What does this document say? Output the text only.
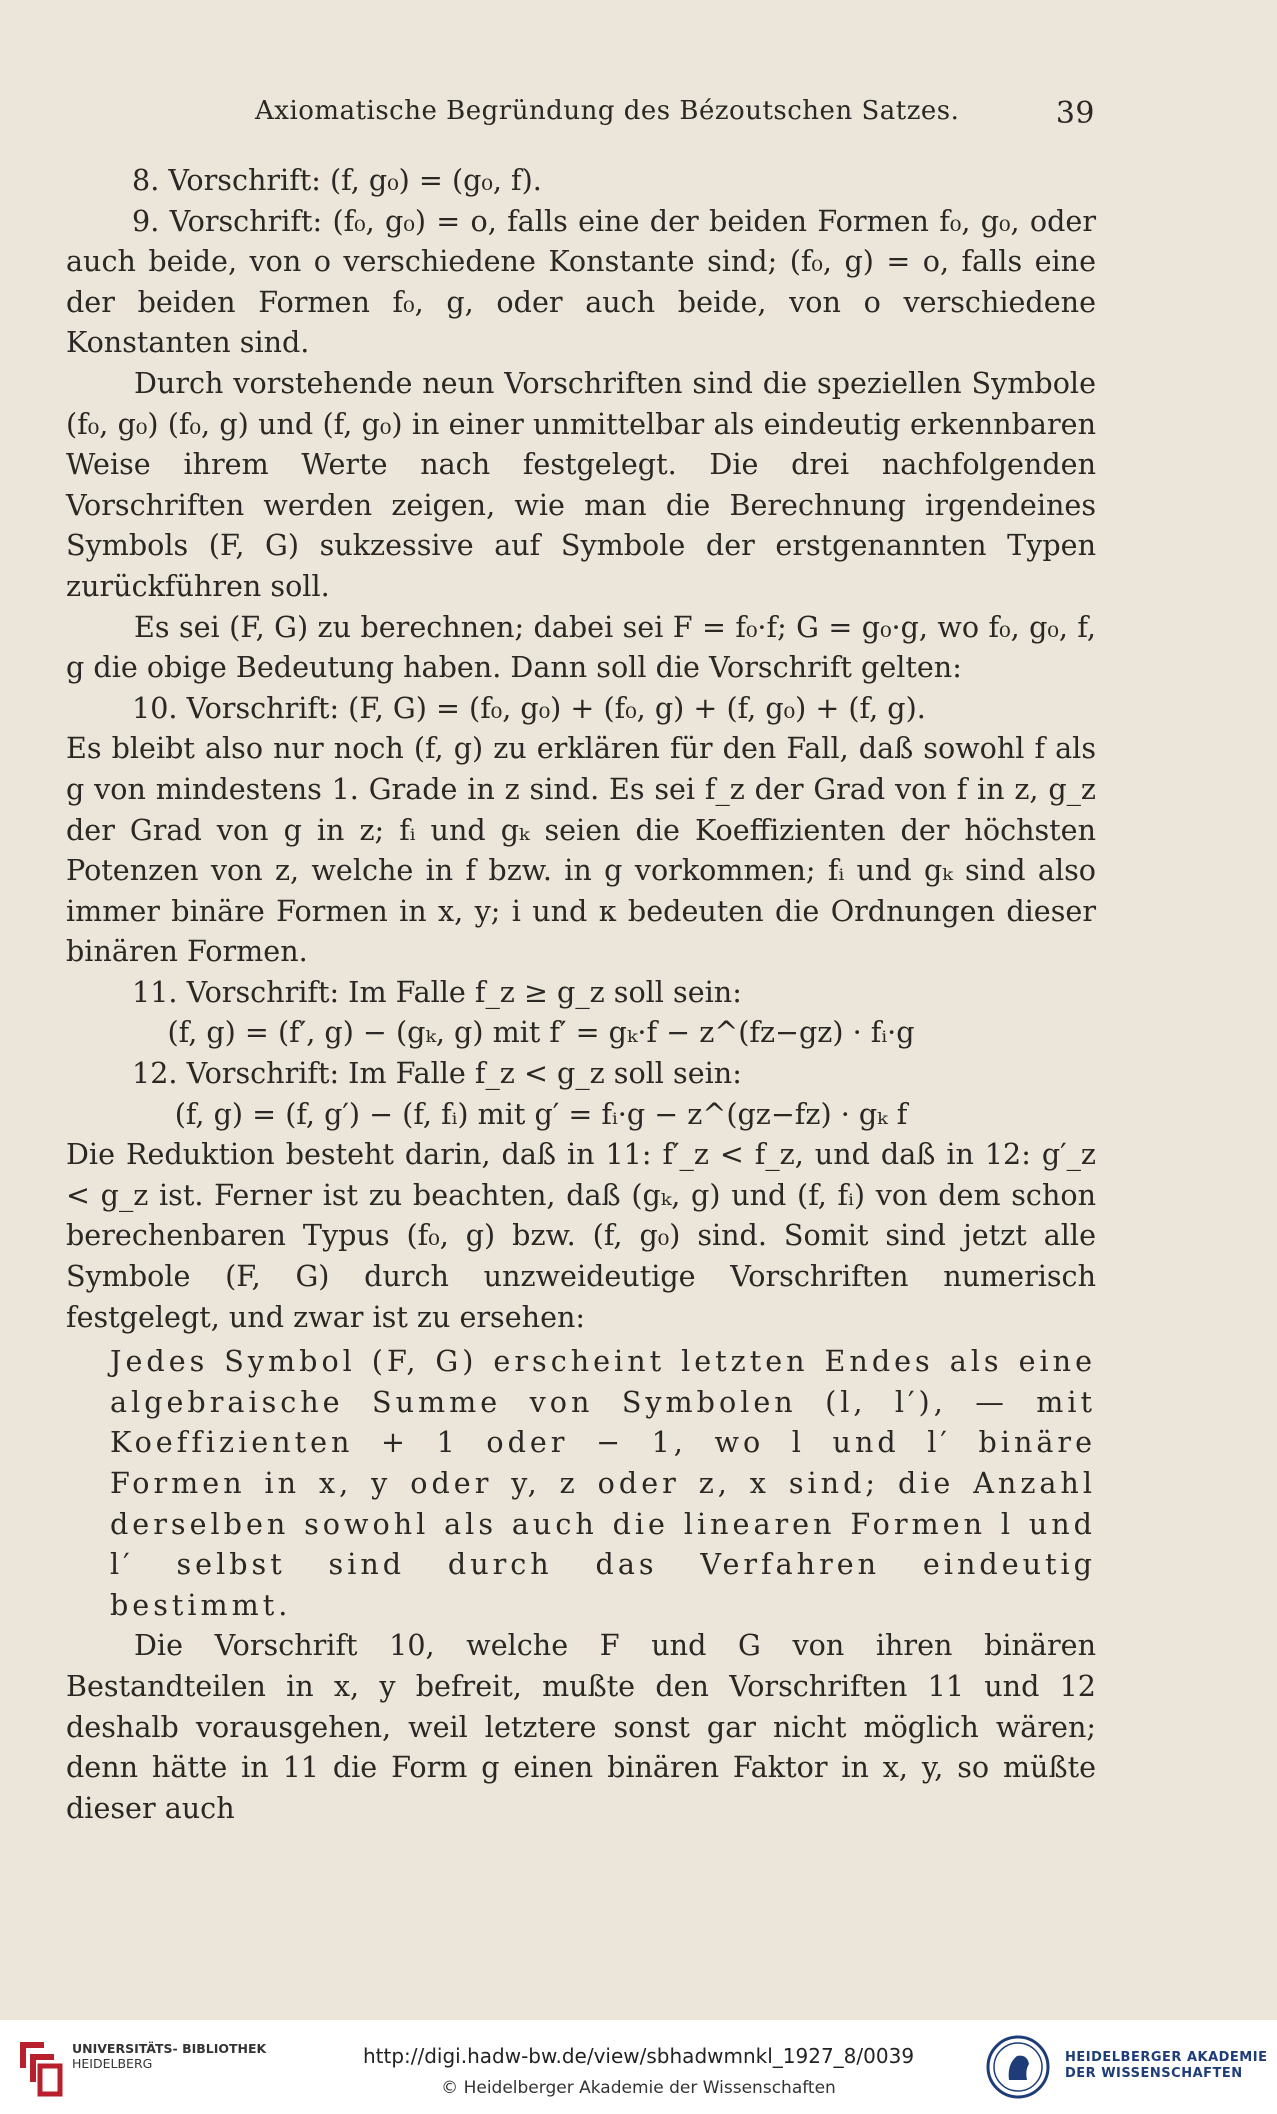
Axiomatische Begründung des Bézoutschen Satzes.	39

8. Vorschrift: (f, g₀) = (g₀, f).

9. Vorschrift: (f₀, g₀) = o, falls eine der beiden Formen f₀, g₀, oder auch beide, von o verschiedene Konstante sind; (f₀, g) = o, falls eine der beiden Formen f₀, g, oder auch beide, von o verschiedene Konstanten sind.

Durch vorstehende neun Vorschriften sind die speziellen Symbole (f₀, g₀) (f₀, g) und (f, g₀) in einer unmittelbar als eindeutig erkennbaren Weise ihrem Werte nach festgelegt. Die drei nachfolgenden Vorschriften werden zeigen, wie man die Berechnung irgendeines Symbols (F, G) sukzessive auf Symbole der erstgenannten Typen zurückführen soll.

Es sei (F, G) zu berechnen; dabei sei F = f₀·f; G = g₀·g, wo f₀, g₀, f, g die obige Bedeutung haben. Dann soll die Vorschrift gelten:

10. Vorschrift: (F, G) = (f₀, g₀) + (f₀, g) + (f, g₀) + (f, g).

Es bleibt also nur noch (f, g) zu erklären für den Fall, daß sowohl f als g von mindestens 1. Grade in z sind. Es sei f_z der Grad von f in z, g_z der Grad von g in z; fᵢ und gₖ seien die Koeffizienten der höchsten Potenzen von z, welche in f bzw. in g vorkommen; fᵢ und gₖ sind also immer binäre Formen in x, y; i und κ bedeuten die Ordnungen dieser binären Formen.

11. Vorschrift: Im Falle f_z ≥ g_z soll sein:

(f, g) = (f′, g) − (gₖ, g) mit f′ = gₖ·f − z^(fz−gz) · fᵢ·g

12. Vorschrift: Im Falle f_z < g_z soll sein:

(f, g) = (f, g′) − (f, fᵢ) mit g′ = fᵢ·g − z^(gz−fz) · gₖ f

Die Reduktion besteht darin, daß in 11: f′_z < f_z, und daß in 12: g′_z < g_z ist. Ferner ist zu beachten, daß (gₖ, g) und (f, fᵢ) von dem schon berechenbaren Typus (f₀, g) bzw. (f, g₀) sind. Somit sind jetzt alle Symbole (F, G) durch unzweideutige Vorschriften numerisch festgelegt, und zwar ist zu ersehen:

Jedes Symbol (F, G) erscheint letzten Endes als eine algebraische Summe von Symbolen (l, l′), — mit Koeffizienten + 1 oder − 1, wo l und l′ binäre Formen in x, y oder y, z oder z, x sind; die Anzahl derselben sowohl als auch die linearen Formen l und l′ selbst sind durch das Verfahren eindeutig bestimmt.

Die Vorschrift 10, welche F und G von ihren binären Bestandteilen in x, y befreit, mußte den Vorschriften 11 und 12 deshalb vorausgehen, weil letztere sonst gar nicht möglich wären; denn hätte in 11 die Form g einen binären Faktor in x, y, so müßte dieser auch

UNIVERSITÄTS- BIBLIOTHEK
HEIDELBERG	http://digi.hadw-bw.de/view/sbhadwmnkl_1927_8/0039
© Heidelberger Akademie der Wissenschaften
HEIDELBERGER AKADEMIE
DER WISSENSCHAFTEN
